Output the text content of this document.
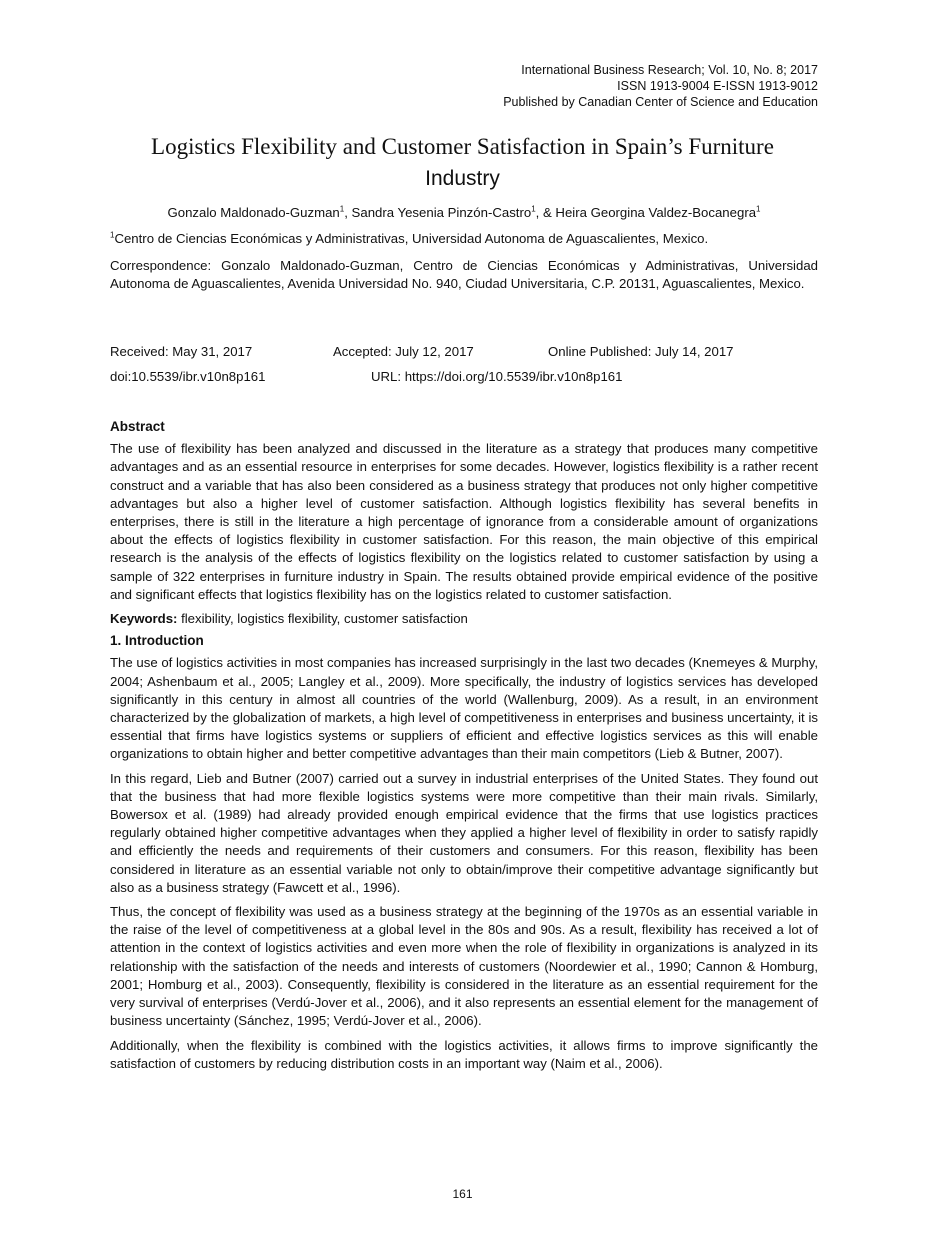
International Business Research; Vol. 10, No. 8; 2017
ISSN 1913-9004 E-ISSN 1913-9012
Published by Canadian Center of Science and Education
Logistics Flexibility and Customer Satisfaction in Spain’s Furniture
Industry
Gonzalo Maldonado-Guzman$^1$, Sandra Yesenia Pinzón-Castro$^1$, & Heira Georgina Valdez-Bocanegra$^1$
$^1$Centro de Ciencias Económicas y Administrativas, Universidad Autonoma de Aguascalientes, Mexico.
Correspondence: Gonzalo Maldonado-Guzman, Centro de Ciencias Económicas y Administrativas, Universidad Autonoma de Aguascalientes, Avenida Universidad No. 940, Ciudad Universitaria, C.P. 20131, Aguascalientes, Mexico.
Received: May 31, 2017	Accepted: July 12, 2017	Online Published: July 14, 2017
doi:10.5539/ibr.v10n8p161	URL: https://doi.org/10.5539/ibr.v10n8p161
Abstract

The use of flexibility has been analyzed and discussed in the literature as a strategy that produces many competitive advantages and as an essential resource in enterprises for some decades. However, logistics flexibility is a rather recent construct and a variable that has also been considered as a business strategy that produces not only higher competitive advantages but also a higher level of customer satisfaction. Although logistics flexibility has several benefits in enterprises, there is still in the literature a high percentage of ignorance from a considerable amount of organizations about the effects of logistics flexibility in customer satisfaction. For this reason, the main objective of this empirical research is the analysis of the effects of logistics flexibility on the logistics related to customer satisfaction by using a sample of 322 enterprises in furniture industry in Spain. The results obtained provide empirical evidence of the positive and significant effects that logistics flexibility has on the logistics related to customer satisfaction.

Keywords: flexibility, logistics flexibility, customer satisfaction

1. Introduction

The use of logistics activities in most companies has increased surprisingly in the last two decades (Knemeyes & Murphy, 2004; Ashenbaum et al., 2005; Langley et al., 2009). More specifically, the industry of logistics services has developed significantly in this century in almost all countries of the world (Wallenburg, 2009). As a result, in an environment characterized by the globalization of markets, a high level of competitiveness in enterprises and business uncertainty, it is essential that firms have logistics systems or suppliers of efficient and effective logistics services as this will enable organizations to obtain higher and better competitive advantages than their main competitors (Lieb & Butner, 2007).

In this regard, Lieb and Butner (2007) carried out a survey in industrial enterprises of the United States. They found out that the business that had more flexible logistics systems were more competitive than their main rivals. Similarly, Bowersox et al. (1989) had already provided enough empirical evidence that the firms that use logistics practices regularly obtained higher competitive advantages when they applied a higher level of flexibility in order to satisfy rapidly and efficiently the needs and requirements of their customers and consumers. For this reason, flexibility has been considered in literature as an essential variable not only to obtain/improve their competitive advantage significantly but also as a business strategy (Fawcett et al., 1996).

Thus, the concept of flexibility was used as a business strategy at the beginning of the 1970s as an essential variable in the raise of the level of competitiveness at a global level in the 80s and 90s. As a result, flexibility has received a lot of attention in the context of logistics activities and even more when the role of flexibility in organizations is analyzed in its relationship with the satisfaction of the needs and interests of customers (Noordewier et al., 1990; Cannon & Homburg, 2001; Homburg et al., 2003). Consequently, flexibility is considered in the literature as an essential requirement for the very survival of enterprises (Verdú-Jover et al., 2006), and it also represents an essential element for the management of business uncertainty (Sánchez, 1995; Verdú-Jover et al., 2006).

Additionally, when the flexibility is combined with the logistics activities, it allows firms to improve significantly the satisfaction of customers by reducing distribution costs in an important way (Naim et al., 2006).

161
